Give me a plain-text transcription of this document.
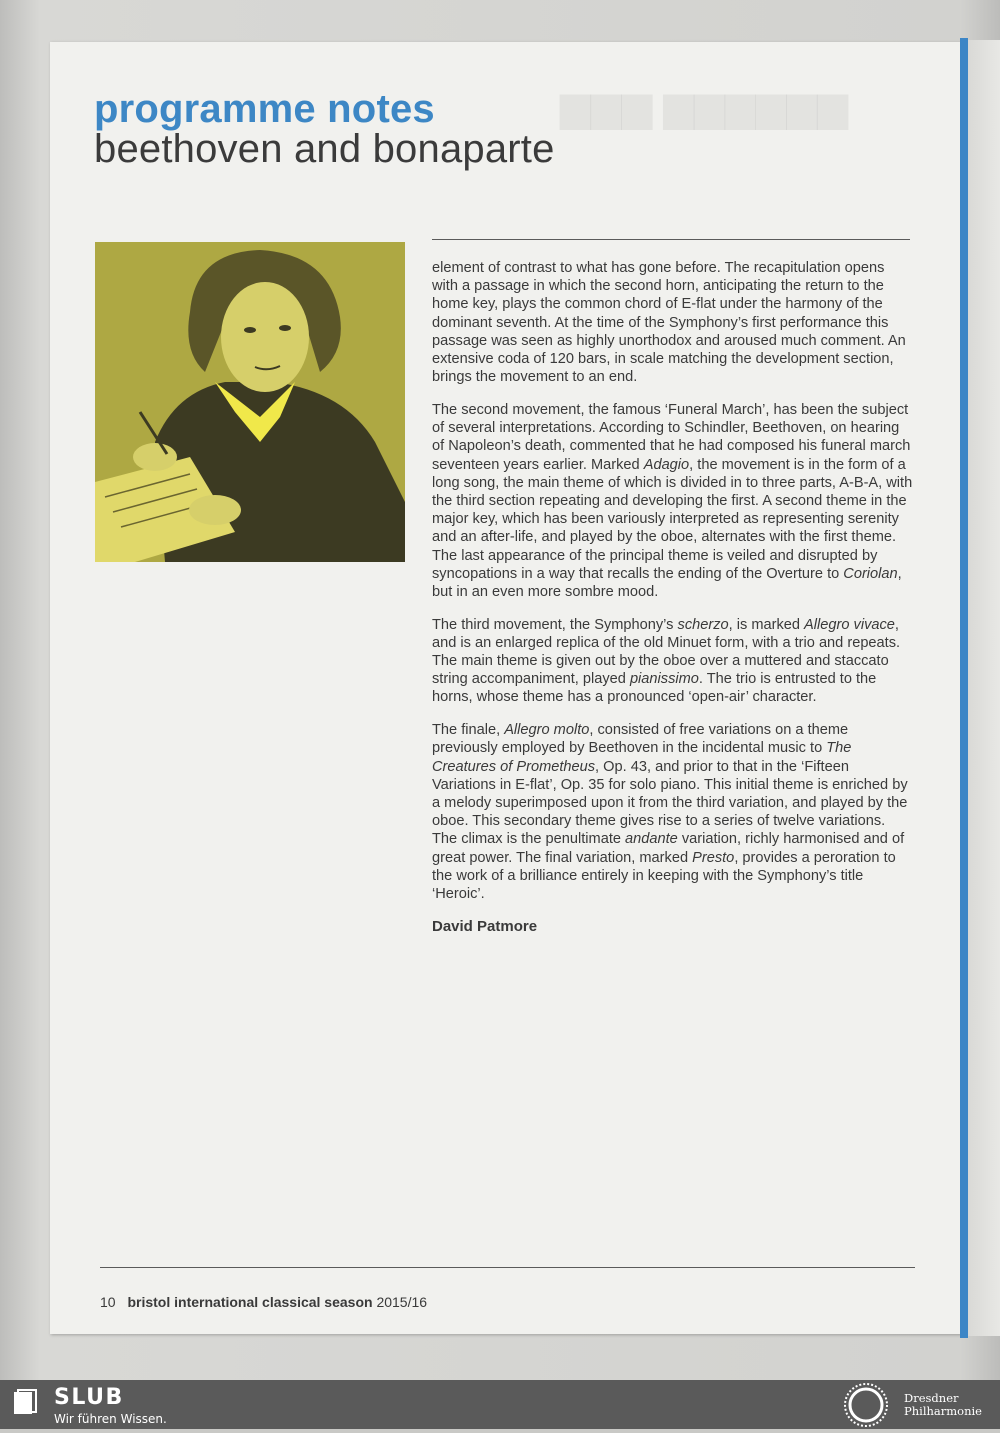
▆▆▆▆▆▆ ▆▆▆
programme notes
beethoven and bonaparte

element of contrast to what has gone before. The recapitulation opens with a passage in which the second horn, anticipating the return to the home key, plays the common chord of E-flat under the harmony of the dominant seventh. At the time of the Symphony’s first performance this passage was seen as highly unorthodox and aroused much comment. An extensive coda of 120 bars, in scale matching the development section, brings the movement to an end.

The second movement, the famous ‘Funeral March’, has been the subject of several interpretations. According to Schindler, Beethoven, on hearing of Napoleon’s death, commented that he had composed his funeral march seventeen years earlier. Marked Adagio, the movement is in the form of a long song, the main theme of which is divided in to three parts, A-B-A, with the third section repeating and developing the first. A second theme in the major key, which has been variously interpreted as representing serenity and an after-life, and played by the oboe, alternates with the first theme. The last appearance of the principal theme is veiled and disrupted by syncopations in a way that recalls the ending of the Overture to Coriolan, but in an even more sombre mood.

The third movement, the Symphony’s scherzo, is marked Allegro vivace, and is an enlarged replica of the old Minuet form, with a trio and repeats. The main theme is given out by the oboe over a muttered and staccato string accompaniment, played pianissimo. The trio is entrusted to the horns, whose theme has a pronounced ‘open-air’ character.

The finale, Allegro molto, consisted of free variations on a theme previously employed by Beethoven in the incidental music to The Creatures of Prometheus, Op. 43, and prior to that in the ‘Fifteen Variations in E-flat’, Op. 35 for solo piano. This initial theme is enriched by a melody superimposed upon it from the third variation, and played by the oboe. This secondary theme gives rise to a series of twelve variations. The climax is the penultimate andante variation, richly harmonised and of great power. The final variation, marked Presto, provides a peroration to the work of a brilliance entirely in keeping with the Symphony’s title ‘Heroic’.

David Patmore

10 bristol international classical season 2015/16
SLUB
Wir führen Wissen.
Dresdner
Philharmonie
